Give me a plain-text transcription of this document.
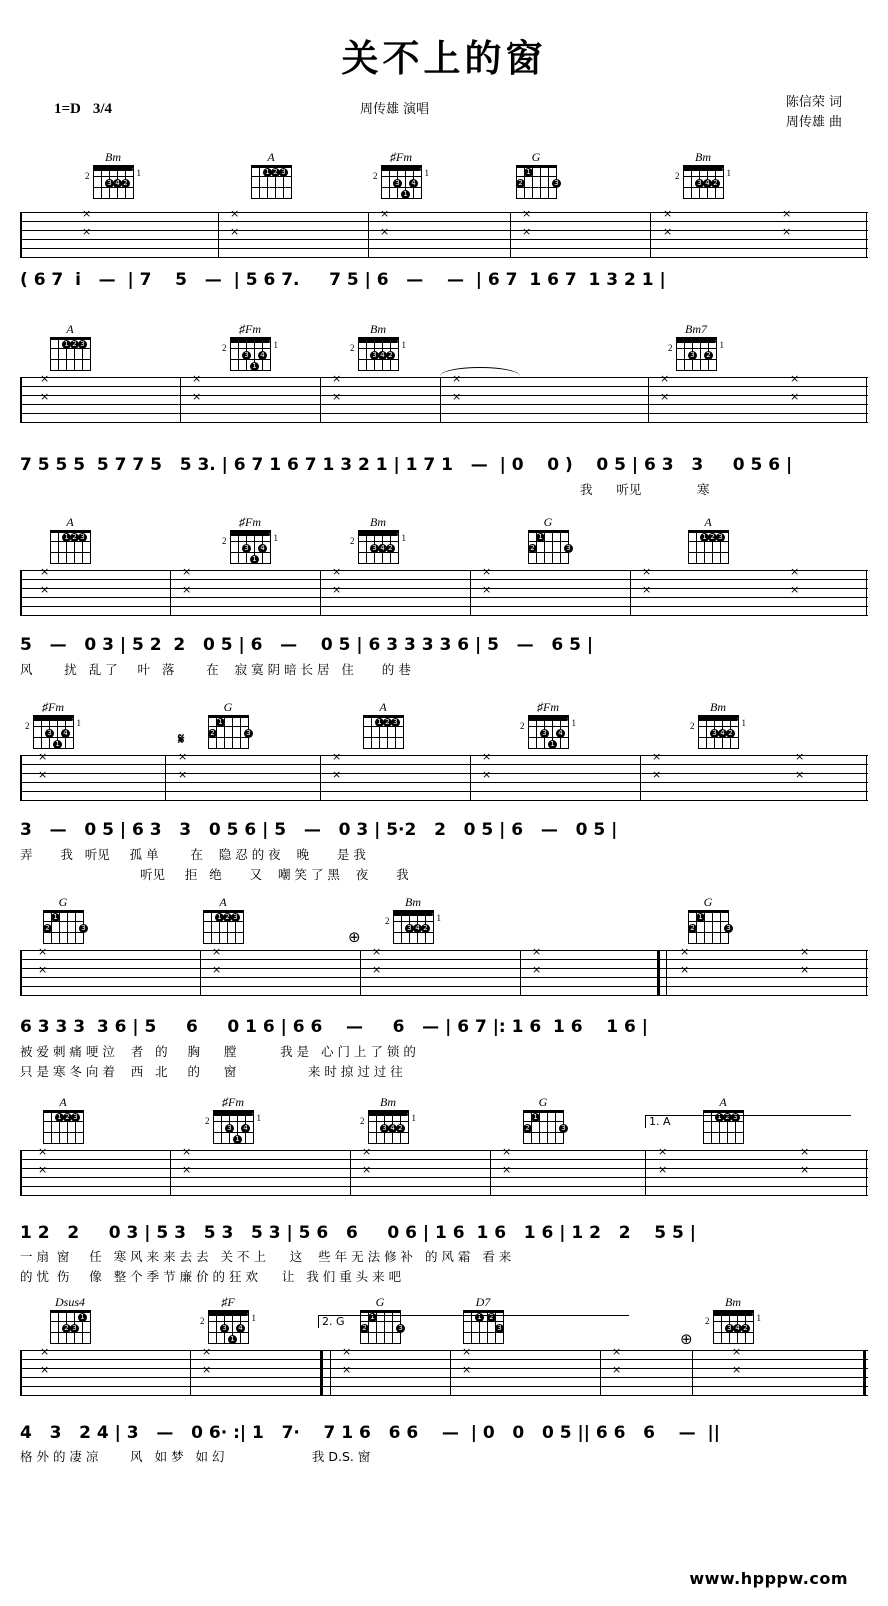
关不上的窗
1=D 3/4	周传雄 演唱	陈信荣 词
周传雄 曲
Bm
3 4 2
2	1
A
1 2 3
♯Fm
3
1
4
2	1
G
2
1
3
Bm
3 4 2
2	1
×
×
×
×
×
×
×
×
×
×
×
×
( 6 7  i   —  | 7    5   —  | 5 6 7.     7 5 | 6   —    —  | 6 7  1 6 7  1 3 2 1 |
A
1 2 3
♯Fm
3
1
4
2	1
Bm
3 4 2
2	1
Bm7
3	2
2	1
×
×
×
×
×
×
×
×
×
×
×
×
7 5 5 5  5 7 7 5   5 3. | 6 7 1 6 7 1 3 2 1 | 1 7 1   —  | 0    0 )    0 5 | 6 3   3     0 5 6 |
我      听见              寒
A
1 2 3
♯Fm
3
1
4
2	1
Bm
3 4 2
2	1
G
2
1
3
A
1 2 3
×
×
×
×
×
×
×
×
×
×
×
×
5   —   0 3 | 5 2  2   0 5 | 6   —    0 5 | 6 3 3 3 3 6 | 5   —   6 5 |
风        扰   乱 了     叶   落        在    寂 寞 阴 暗 长 居   住       的 巷
♯Fm
3
1
4
2	1
G
2
1
3
A
1 2 3
♯Fm
3
1
4
2	1
Bm
3 4 2
2	1
𝄋
×
×
×
×
×
×
×
×
×
×
×
×
3   —   0 5 | 6 3   3   0 5 6 | 5   —   0 3 | 5·2   2   0 5 | 6   —   0 5 |
弄       我   听见     孤 单        在    隐 忍 的 夜    晚       是 我
听见     拒   绝       又    嘲 笑 了 黑    夜       我
G
2
1
3
A
1 2 3
Bm
3 4 2
2	1
G
2
1
3
⊕
×
×
×
×
×
×
×
×
×
×
×
×
6 3 3 3  3 6 | 5     6     0 1 6 | 6 6    —     6   — | 6 7 |: 1 6  1 6    1 6 |
被 爱 刺 痛 哽 泣    者   的     胸      膛           我 是   心 门 上 了 锁 的
只 是 寒 冬 向 着    西   北     的      窗                  来 时 掠 过 过 往
A
1 2 3
♯Fm
3
1
4
2	1
Bm
3 4 2
2	1
G
2
1
3
A
1 2 3
1. A
×
×
×
×
×
×
×
×
×
×
×
×
1 2   2     0 3 | 5 3   5 3   5 3 | 5 6   6     0 6 | 1 6  1 6   1 6 | 1 2   2    5 5 |
一 扇  窗     任   寒 风 来 来 去 去   关 不 上      这    些 年 无 法 修 补   的 风 霜   看 来
的 忧  伤     像   整 个 季 节 廉 价 的 狂 欢      让   我 们 重 头 来 吧
Dsus4
2 3
1
♯F
3
1
4
2	1
G
2
1
3
D7
1	2
3
Bm
3 4 2
2	1
2. G
⊕
×
×
×
×
×
×
×
×
×
×
×
×
4   3   2 4 | 3   —   0 6· :| 1   7·    7 1 6   6 6    —  | 0   0   0 5 || 6 6   6    —  ||
格 外 的 凄 凉        风   如 梦   如 幻                      我 D.S. 窗
www.hpppw.com
